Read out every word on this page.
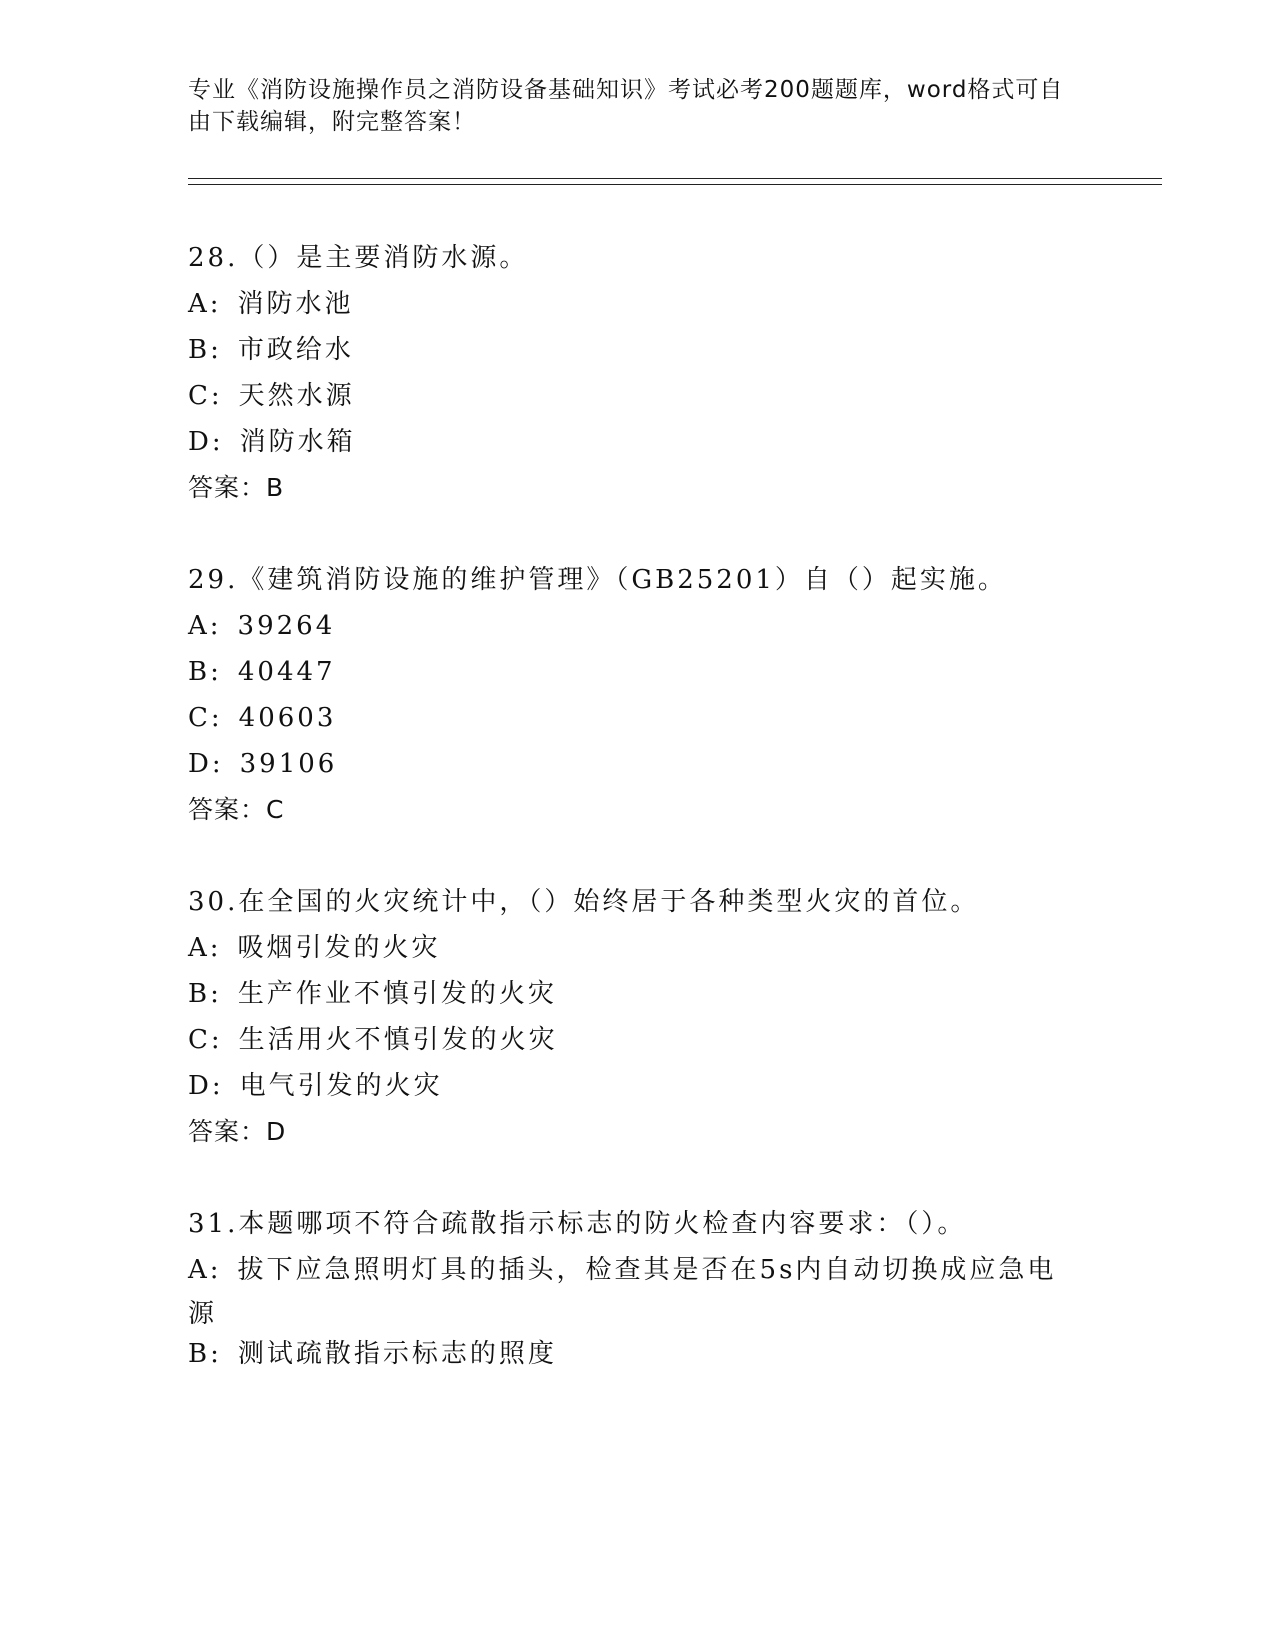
专业《消防设施操作员之消防设备基础知识》考试必考200题题库，word格式可自由下载编辑，附完整答案！
28.（）是主要消防水源。
A: 消防水池
B: 市政给水
C: 天然水源
D: 消防水箱
答案：B
29.《建筑消防设施的维护管理》（GB25201）自（）起实施。
A: 39264
B: 40447
C: 40603
D: 39106
答案：C
30.在全国的火灾统计中，（）始终居于各种类型火灾的首位。
A: 吸烟引发的火灾
B: 生产作业不慎引发的火灾
C: 生活用火不慎引发的火灾
D: 电气引发的火灾
答案：D
31.本题哪项不符合疏散指示标志的防火检查内容要求：（）。
A: 拔下应急照明灯具的插头，检查其是否在5s内自动切换成应急电源
B: 测试疏散指示标志的照度
